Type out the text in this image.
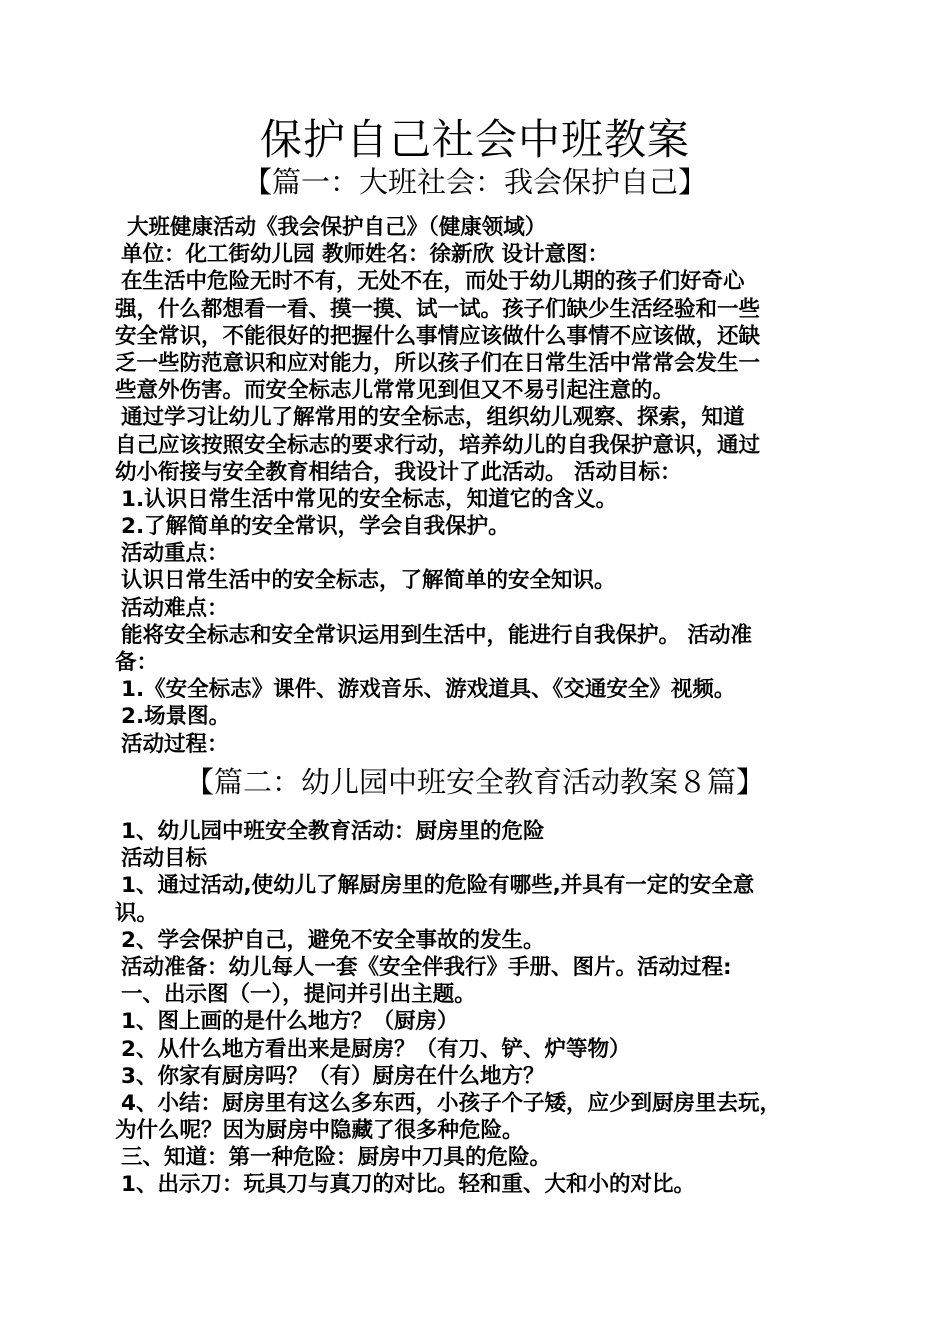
保护自己社会中班教案
【篇一：大班社会：我会保护自己】
大班健康活动《我会保护自己》（健康领域）
单位：化工街幼儿园 教师姓名：徐新欣 设计意图：
在生活中危险无时不有，无处不在，而处于幼儿期的孩子们好奇心
强，什么都想看一看、摸一摸、试一试。孩子们缺少生活经验和一些
安全常识，不能很好的把握什么事情应该做什么事情不应该做，还缺
乏一些防范意识和应对能力，所以孩子们在日常生活中常常会发生一
些意外伤害。而安全标志儿常常见到但又不易引起注意的。
通过学习让幼儿了解常用的安全标志，组织幼儿观察、探索，知道
自己应该按照安全标志的要求行动，培养幼儿的自我保护意识，通过
幼小衔接与安全教育相结合，我设计了此活动。 活动目标：
1.认识日常生活中常见的安全标志，知道它的含义。
2.了解简单的安全常识，学会自我保护。
活动重点：
认识日常生活中的安全标志，了解简单的安全知识。
活动难点：
能将安全标志和安全常识运用到生活中，能进行自我保护。 活动准
备：
1.《安全标志》课件、游戏音乐、游戏道具、《交通安全》视频。
2.场景图。
活动过程：
【篇二：幼儿园中班安全教育活动教案８篇】
1、幼儿园中班安全教育活动：厨房里的危险
活动目标
1、通过活动,使幼儿了解厨房里的危险有哪些,并具有一定的安全意
识。
2、学会保护自己，避免不安全事故的发生。
活动准备：幼儿每人一套《安全伴我行》手册、图片。活动过程:
一、出示图（一），提问并引出主题。
1、图上画的是什么地方？（厨房）
2、从什么地方看出来是厨房？（有刀、铲、炉等物）
3、你家有厨房吗？（有）厨房在什么地方？
4、小结：厨房里有这么多东西，小孩子个子矮，应少到厨房里去玩，
为什么呢？因为厨房中隐藏了很多种危险。
三、知道：第一种危险：厨房中刀具的危险。
1、出示刀：玩具刀与真刀的对比。轻和重、大和小的对比。
